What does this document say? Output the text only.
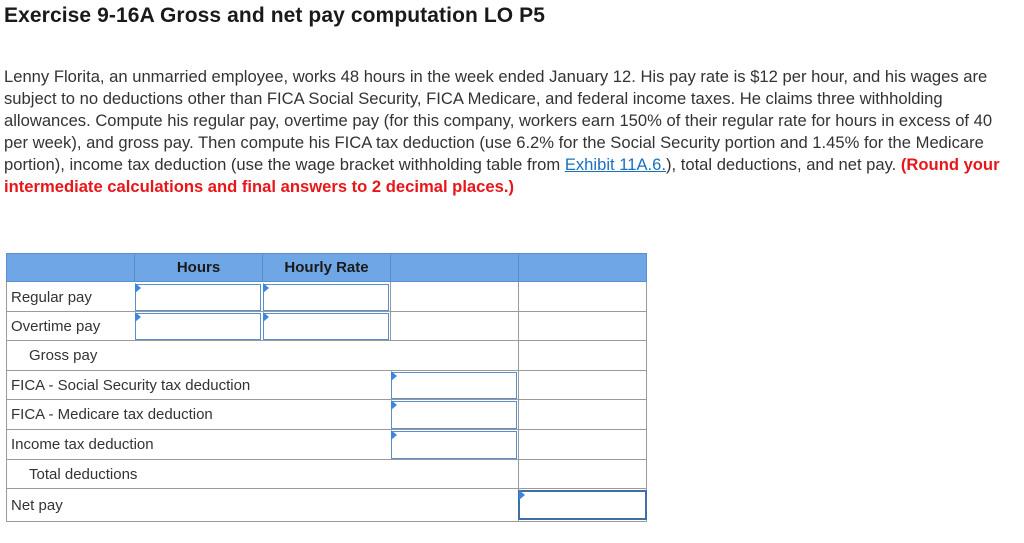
Exercise 9-16A Gross and net pay computation LO P5

Lenny Florita, an unmarried employee, works 48 hours in the week ended January 12. His pay rate is $12 per hour, and his wages are subject to no deductions other than FICA Social Security, FICA Medicare, and federal income taxes. He claims three withholding allowances. Compute his regular pay, overtime pay (for this company, workers earn 150% of their regular rate for hours in excess of 40 per week), and gross pay. Then compute his FICA tax deduction (use 6.2% for the Social Security portion and 1.45% for the Medicare portion), income tax deduction (use the wage bracket withholding table from Exhibit 11A.6.), total deductions, and net pay. (Round your intermediate calculations and final answers to 2 decimal places.)

Hours	Hourly Rate
Regular pay
Overtime pay
Gross pay
FICA - Social Security tax deduction
FICA - Medicare tax deduction
Income tax deduction
Total deductions
Net pay
